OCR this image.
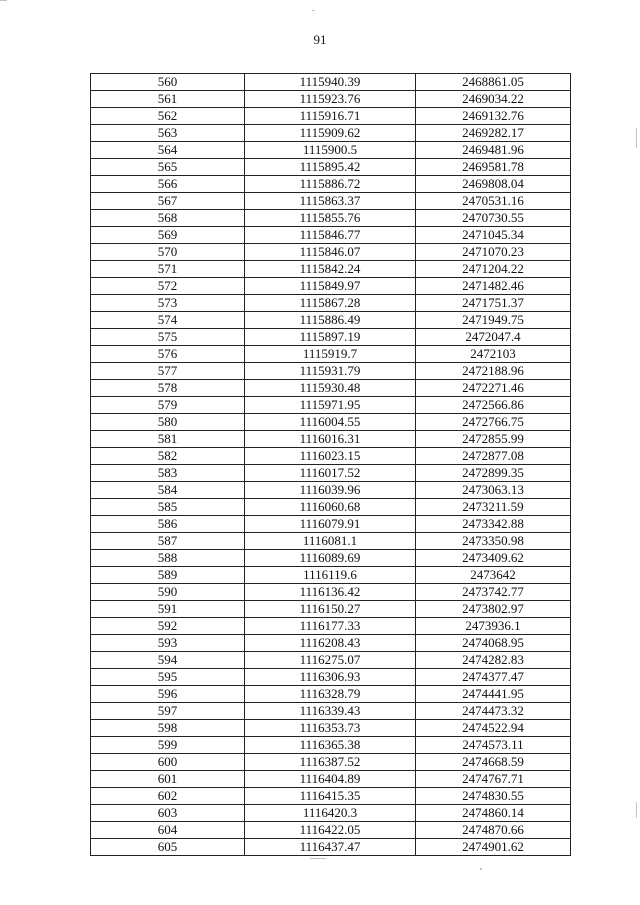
91
560	1115940.39	2468861.05
561	1115923.76	2469034.22
562	1115916.71	2469132.76
563	1115909.62	2469282.17
564	1115900.5	2469481.96
565	1115895.42	2469581.78
566	1115886.72	2469808.04
567	1115863.37	2470531.16
568	1115855.76	2470730.55
569	1115846.77	2471045.34
570	1115846.07	2471070.23
571	1115842.24	2471204.22
572	1115849.97	2471482.46
573	1115867.28	2471751.37
574	1115886.49	2471949.75
575	1115897.19	2472047.4
576	1115919.7	2472103
577	1115931.79	2472188.96
578	1115930.48	2472271.46
579	1115971.95	2472566.86
580	1116004.55	2472766.75
581	1116016.31	2472855.99
582	1116023.15	2472877.08
583	1116017.52	2472899.35
584	1116039.96	2473063.13
585	1116060.68	2473211.59
586	1116079.91	2473342.88
587	1116081.1	2473350.98
588	1116089.69	2473409.62
589	1116119.6	2473642
590	1116136.42	2473742.77
591	1116150.27	2473802.97
592	1116177.33	2473936.1
593	1116208.43	2474068.95
594	1116275.07	2474282.83
595	1116306.93	2474377.47
596	1116328.79	2474441.95
597	1116339.43	2474473.32
598	1116353.73	2474522.94
599	1116365.38	2474573.11
600	1116387.52	2474668.59
601	1116404.89	2474767.71
602	1116415.35	2474830.55
603	1116420.3	2474860.14
604	1116422.05	2474870.66
605	1116437.47	2474901.62
